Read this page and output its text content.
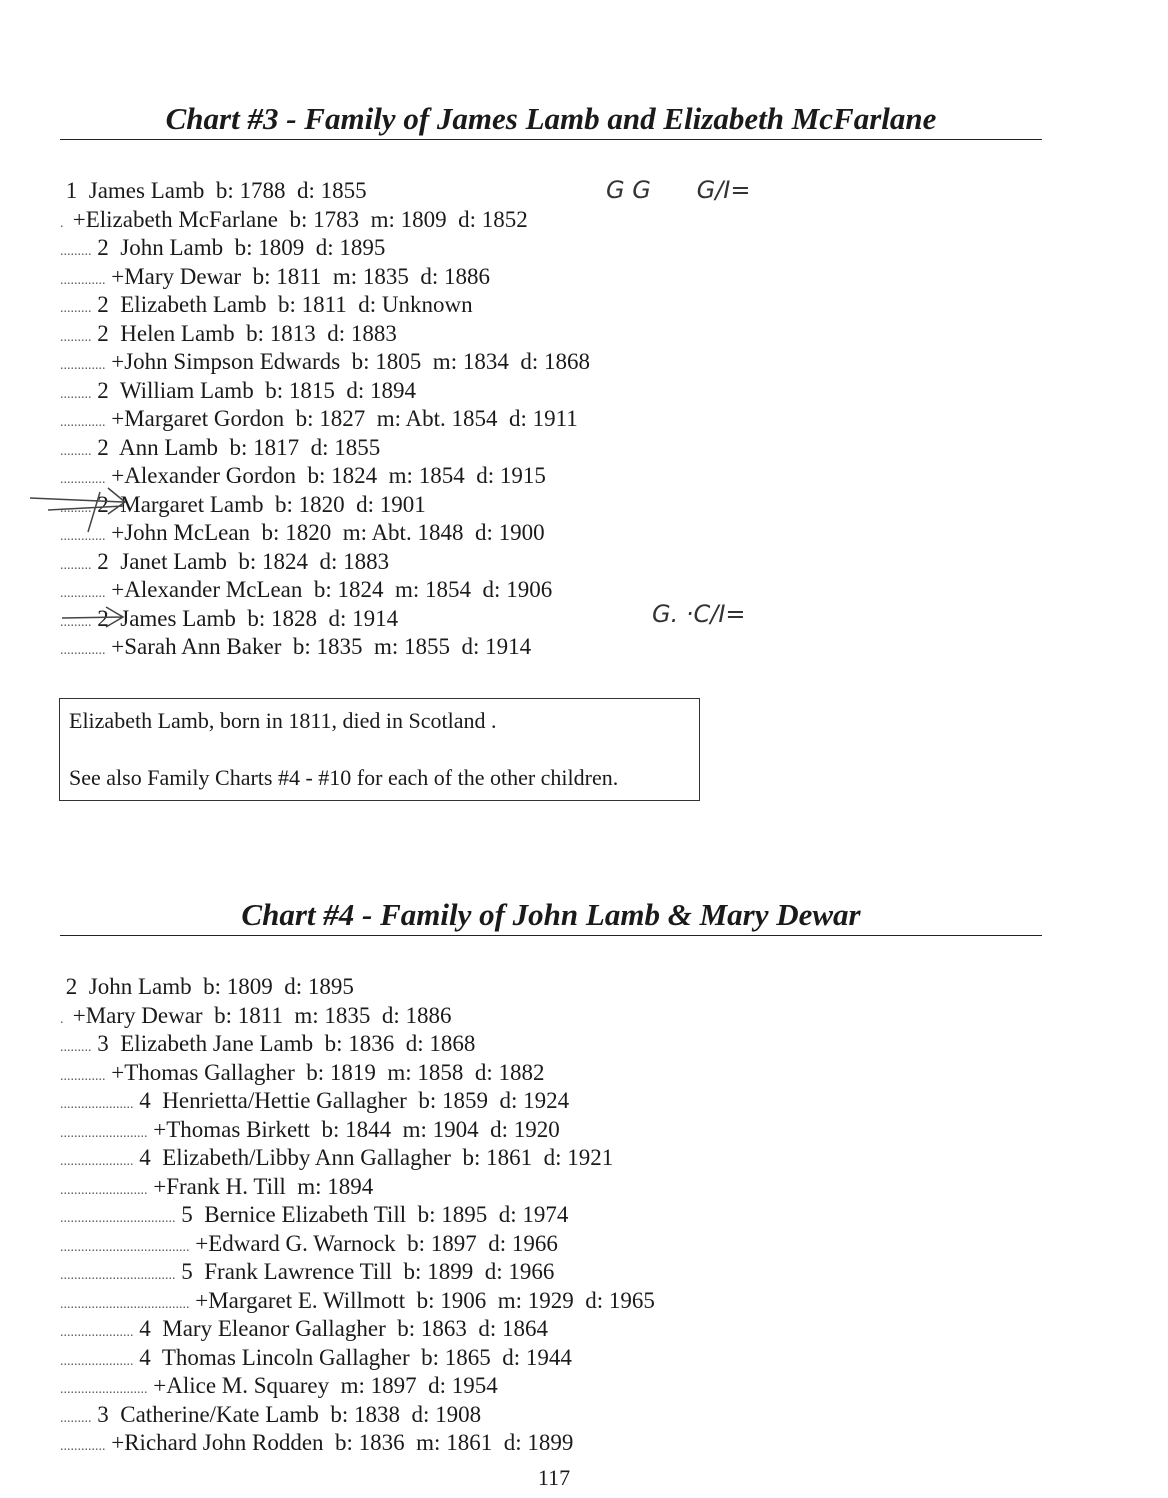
Chart #3 - Family of James Lamb and Elizabeth McFarlane
1 James Lamb  b: 1788  d: 1855
.  +Elizabeth McFarlane  b: 1783  m: 1809  d: 1852
......... 2 John Lamb  b: 1809  d: 1895
............. +Mary Dewar  b: 1811  m: 1835  d: 1886
......... 2 Elizabeth Lamb  b: 1811  d: Unknown
......... 2 Helen Lamb  b: 1813  d: 1883
............. +John Simpson Edwards  b: 1805  m: 1834  d: 1868
......... 2 William Lamb  b: 1815  d: 1894
............. +Margaret Gordon  b: 1827  m: Abt. 1854  d: 1911
......... 2 Ann Lamb  b: 1817  d: 1855
............. +Alexander Gordon  b: 1824  m: 1854  d: 1915
......... 2 Margaret Lamb  b: 1820  d: 1901
............. +John McLean  b: 1820  m: Abt. 1848  d: 1900
......... 2 Janet Lamb  b: 1824  d: 1883
............. +Alexander McLean  b: 1824  m: 1854  d: 1906
......... 2 James Lamb  b: 1828  d: 1914
............. +Sarah Ann Baker  b: 1835  m: 1855  d: 1914
Elizabeth Lamb, born in 1811, died in Scotland .
See also Family Charts #4 - #10 for each of the other children.
G G      G/I=
G. ·C/I=
Chart #4 - Family of John Lamb & Mary Dewar
2 John Lamb  b: 1809  d: 1895
.  +Mary Dewar  b: 1811  m: 1835  d: 1886
......... 3 Elizabeth Jane Lamb  b: 1836  d: 1868
............. +Thomas Gallagher  b: 1819  m: 1858  d: 1882
..................... 4 Henrietta/Hettie Gallagher  b: 1859  d: 1924
......................... +Thomas Birkett  b: 1844  m: 1904  d: 1920
..................... 4 Elizabeth/Libby Ann Gallagher  b: 1861  d: 1921
......................... +Frank H. Till  m: 1894
................................. 5 Bernice Elizabeth Till  b: 1895  d: 1974
..................................... +Edward G. Warnock  b: 1897  d: 1966
................................. 5 Frank Lawrence Till  b: 1899  d: 1966
..................................... +Margaret E. Willmott  b: 1906  m: 1929  d: 1965
..................... 4 Mary Eleanor Gallagher  b: 1863  d: 1864
..................... 4 Thomas Lincoln Gallagher  b: 1865  d: 1944
......................... +Alice M. Squarey  m: 1897  d: 1954
......... 3 Catherine/Kate Lamb  b: 1838  d: 1908
............. +Richard John Rodden  b: 1836  m: 1861  d: 1899
117
